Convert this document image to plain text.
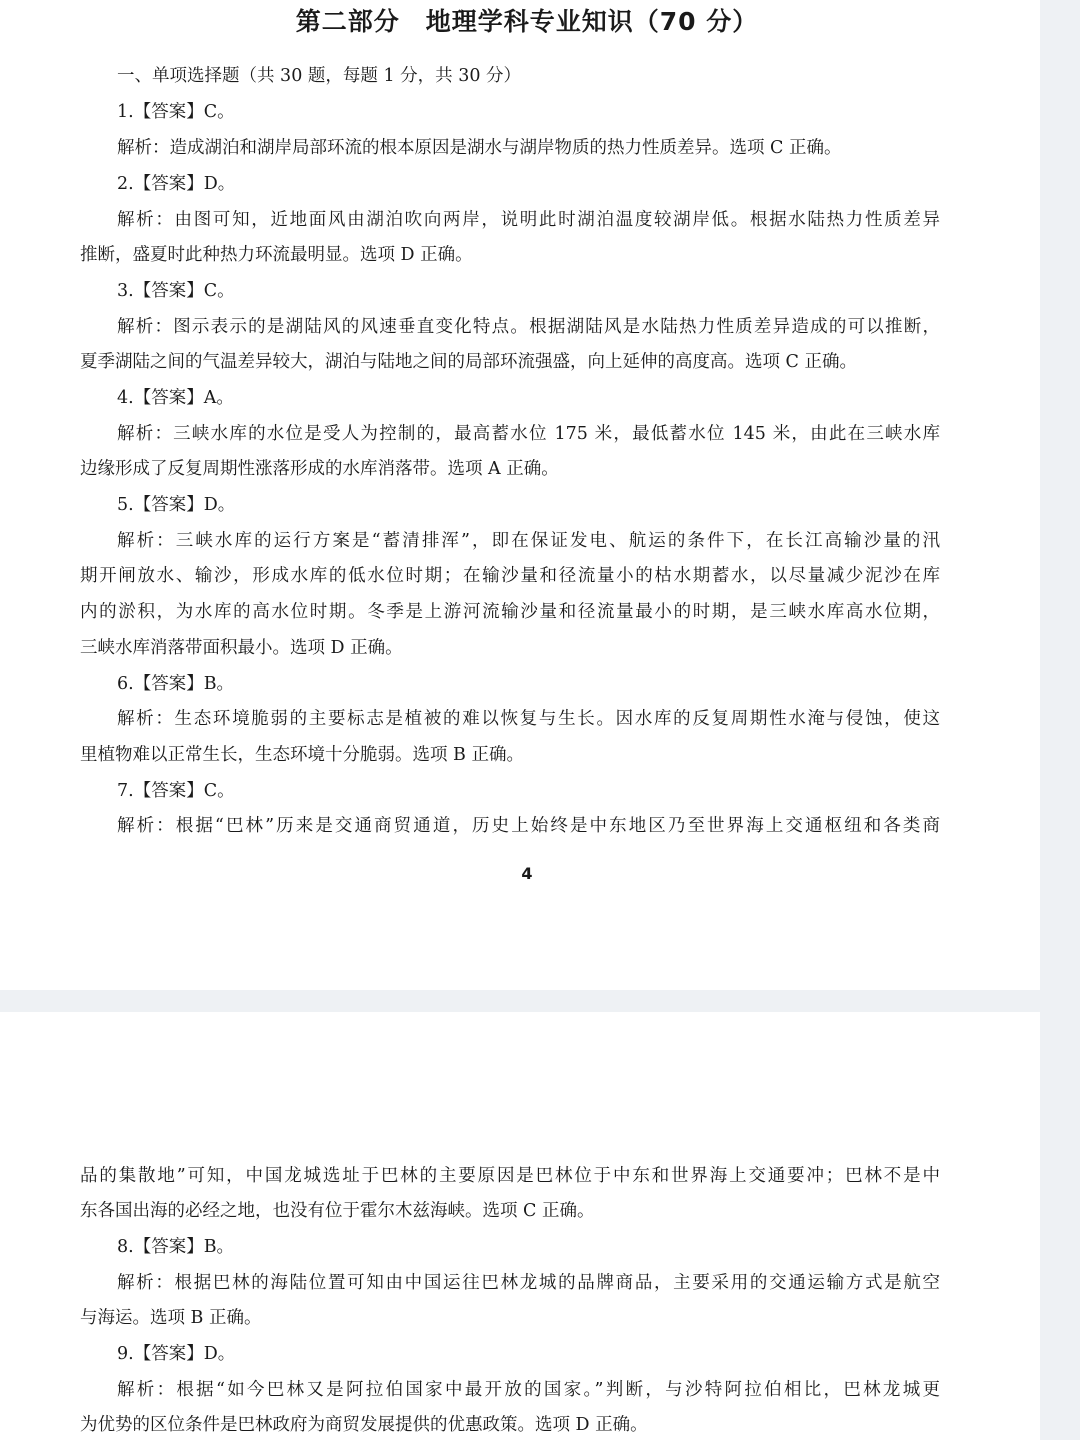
第二部分　地理学科专业知识（70 分）
一、单项选择题（共 30 题，每题 1 分，共 30 分）
1.【答案】C。
解析：造成湖泊和湖岸局部环流的根本原因是湖水与湖岸物质的热力性质差异。选项 C 正确。
2.【答案】D。
解析：由图可知，近地面风由湖泊吹向两岸，说明此时湖泊温度较湖岸低。根据水陆热力性质差异
推断，盛夏时此种热力环流最明显。选项 D 正确。
3.【答案】C。
解析：图示表示的是湖陆风的风速垂直变化特点。根据湖陆风是水陆热力性质差异造成的可以推断，
夏季湖陆之间的气温差异较大，湖泊与陆地之间的局部环流强盛，向上延伸的高度高。选项 C 正确。
4.【答案】A。
解析：三峡水库的水位是受人为控制的，最高蓄水位 175 米，最低蓄水位 145 米，由此在三峡水库
边缘形成了反复周期性涨落形成的水库消落带。选项 A 正确。
5.【答案】D。
解析：三峡水库的运行方案是“蓄清排浑”，即在保证发电、航运的条件下，在长江高输沙量的汛
期开闸放水、输沙，形成水库的低水位时期；在输沙量和径流量小的枯水期蓄水，以尽量减少泥沙在库
内的淤积，为水库的高水位时期。冬季是上游河流输沙量和径流量最小的时期，是三峡水库高水位期，
三峡水库消落带面积最小。选项 D 正确。
6.【答案】B。
解析：生态环境脆弱的主要标志是植被的难以恢复与生长。因水库的反复周期性水淹与侵蚀，使这
里植物难以正常生长，生态环境十分脆弱。选项 B 正确。
7.【答案】C。
解析：根据“巴林”历来是交通商贸通道，历史上始终是中东地区乃至世界海上交通枢纽和各类商
4
品的集散地”可知，中国龙城选址于巴林的主要原因是巴林位于中东和世界海上交通要冲；巴林不是中
东各国出海的必经之地，也没有位于霍尔木兹海峡。选项 C 正确。
8.【答案】B。
解析：根据巴林的海陆位置可知由中国运往巴林龙城的品牌商品，主要采用的交通运输方式是航空
与海运。选项 B 正确。
9.【答案】D。
解析：根据“如今巴林又是阿拉伯国家中最开放的国家。”判断，与沙特阿拉伯相比，巴林龙城更
为优势的区位条件是巴林政府为商贸发展提供的优惠政策。选项 D 正确。
